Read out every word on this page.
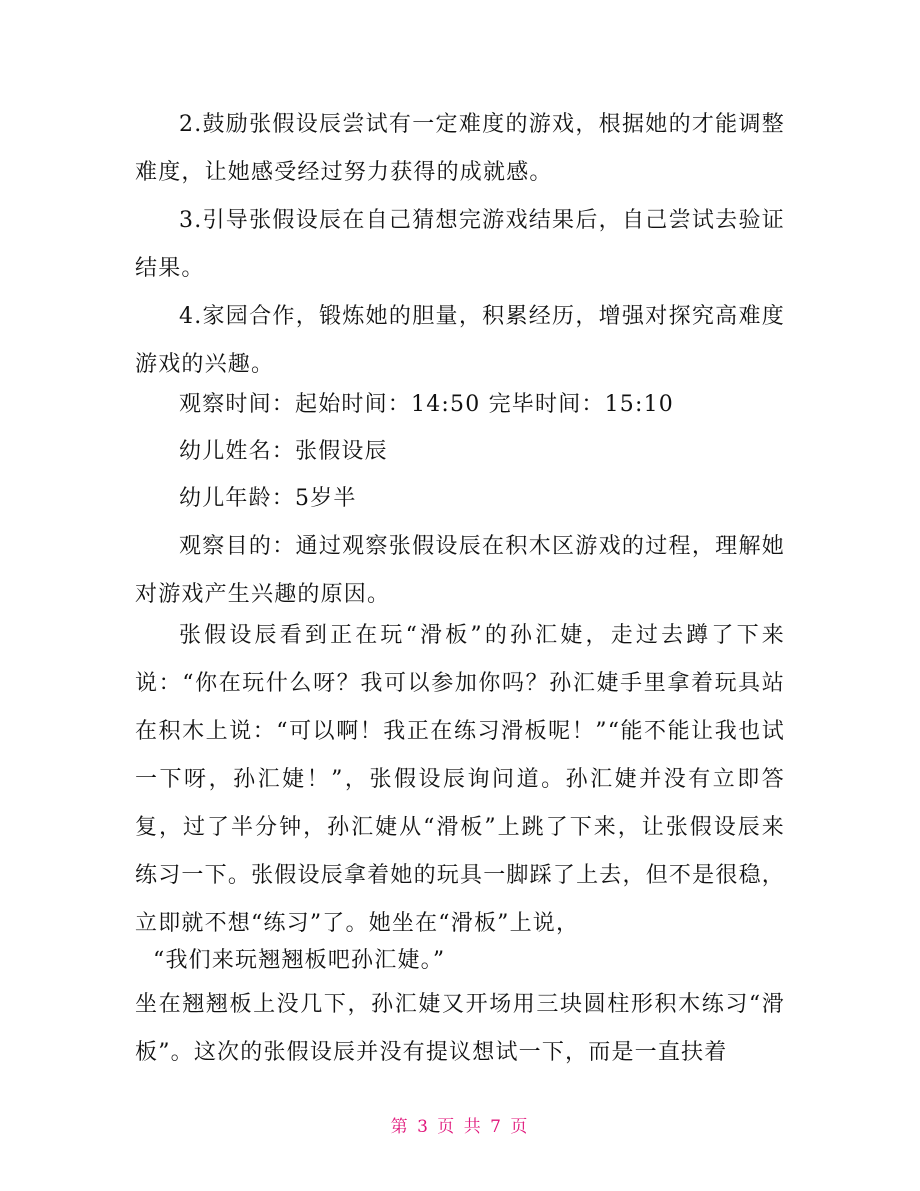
2.鼓励张假设辰尝试有一定难度的游戏，根据她的才能调整难度，让她感受经过努力获得的成就感。

3.引导张假设辰在自己猜想完游戏结果后，自己尝试去验证结果。

4.家园合作，锻炼她的胆量，积累经历，增强对探究高难度游戏的兴趣。

观察时间：起始时间：14:50 完毕时间：15:10

幼儿姓名：张假设辰

幼儿年龄：5岁半

观察目的：通过观察张假设辰在积木区游戏的过程，理解她对游戏产生兴趣的原因。

张假设辰看到正在玩“滑板”的孙汇婕，走过去蹲了下来说：“你在玩什么呀？我可以参加你吗？孙汇婕手里拿着玩具站在积木上说：“可以啊！我正在练习滑板呢！”“能不能让我也试一下呀，孙汇婕！”，张假设辰询问道。孙汇婕并没有立即答复，过了半分钟，孙汇婕从“滑板”上跳了下来，让张假设辰来练习一下。张假设辰拿着她的玩具一脚踩了上去，但不是很稳，立即就不想“练习”了。她坐在“滑板”上说，

“我们来玩翘翘板吧孙汇婕。”

坐在翘翘板上没几下，孙汇婕又开场用三块圆柱形积木练习“滑板”。这次的张假设辰并没有提议想试一下，而是一直扶着

第 3 页 共 7 页
